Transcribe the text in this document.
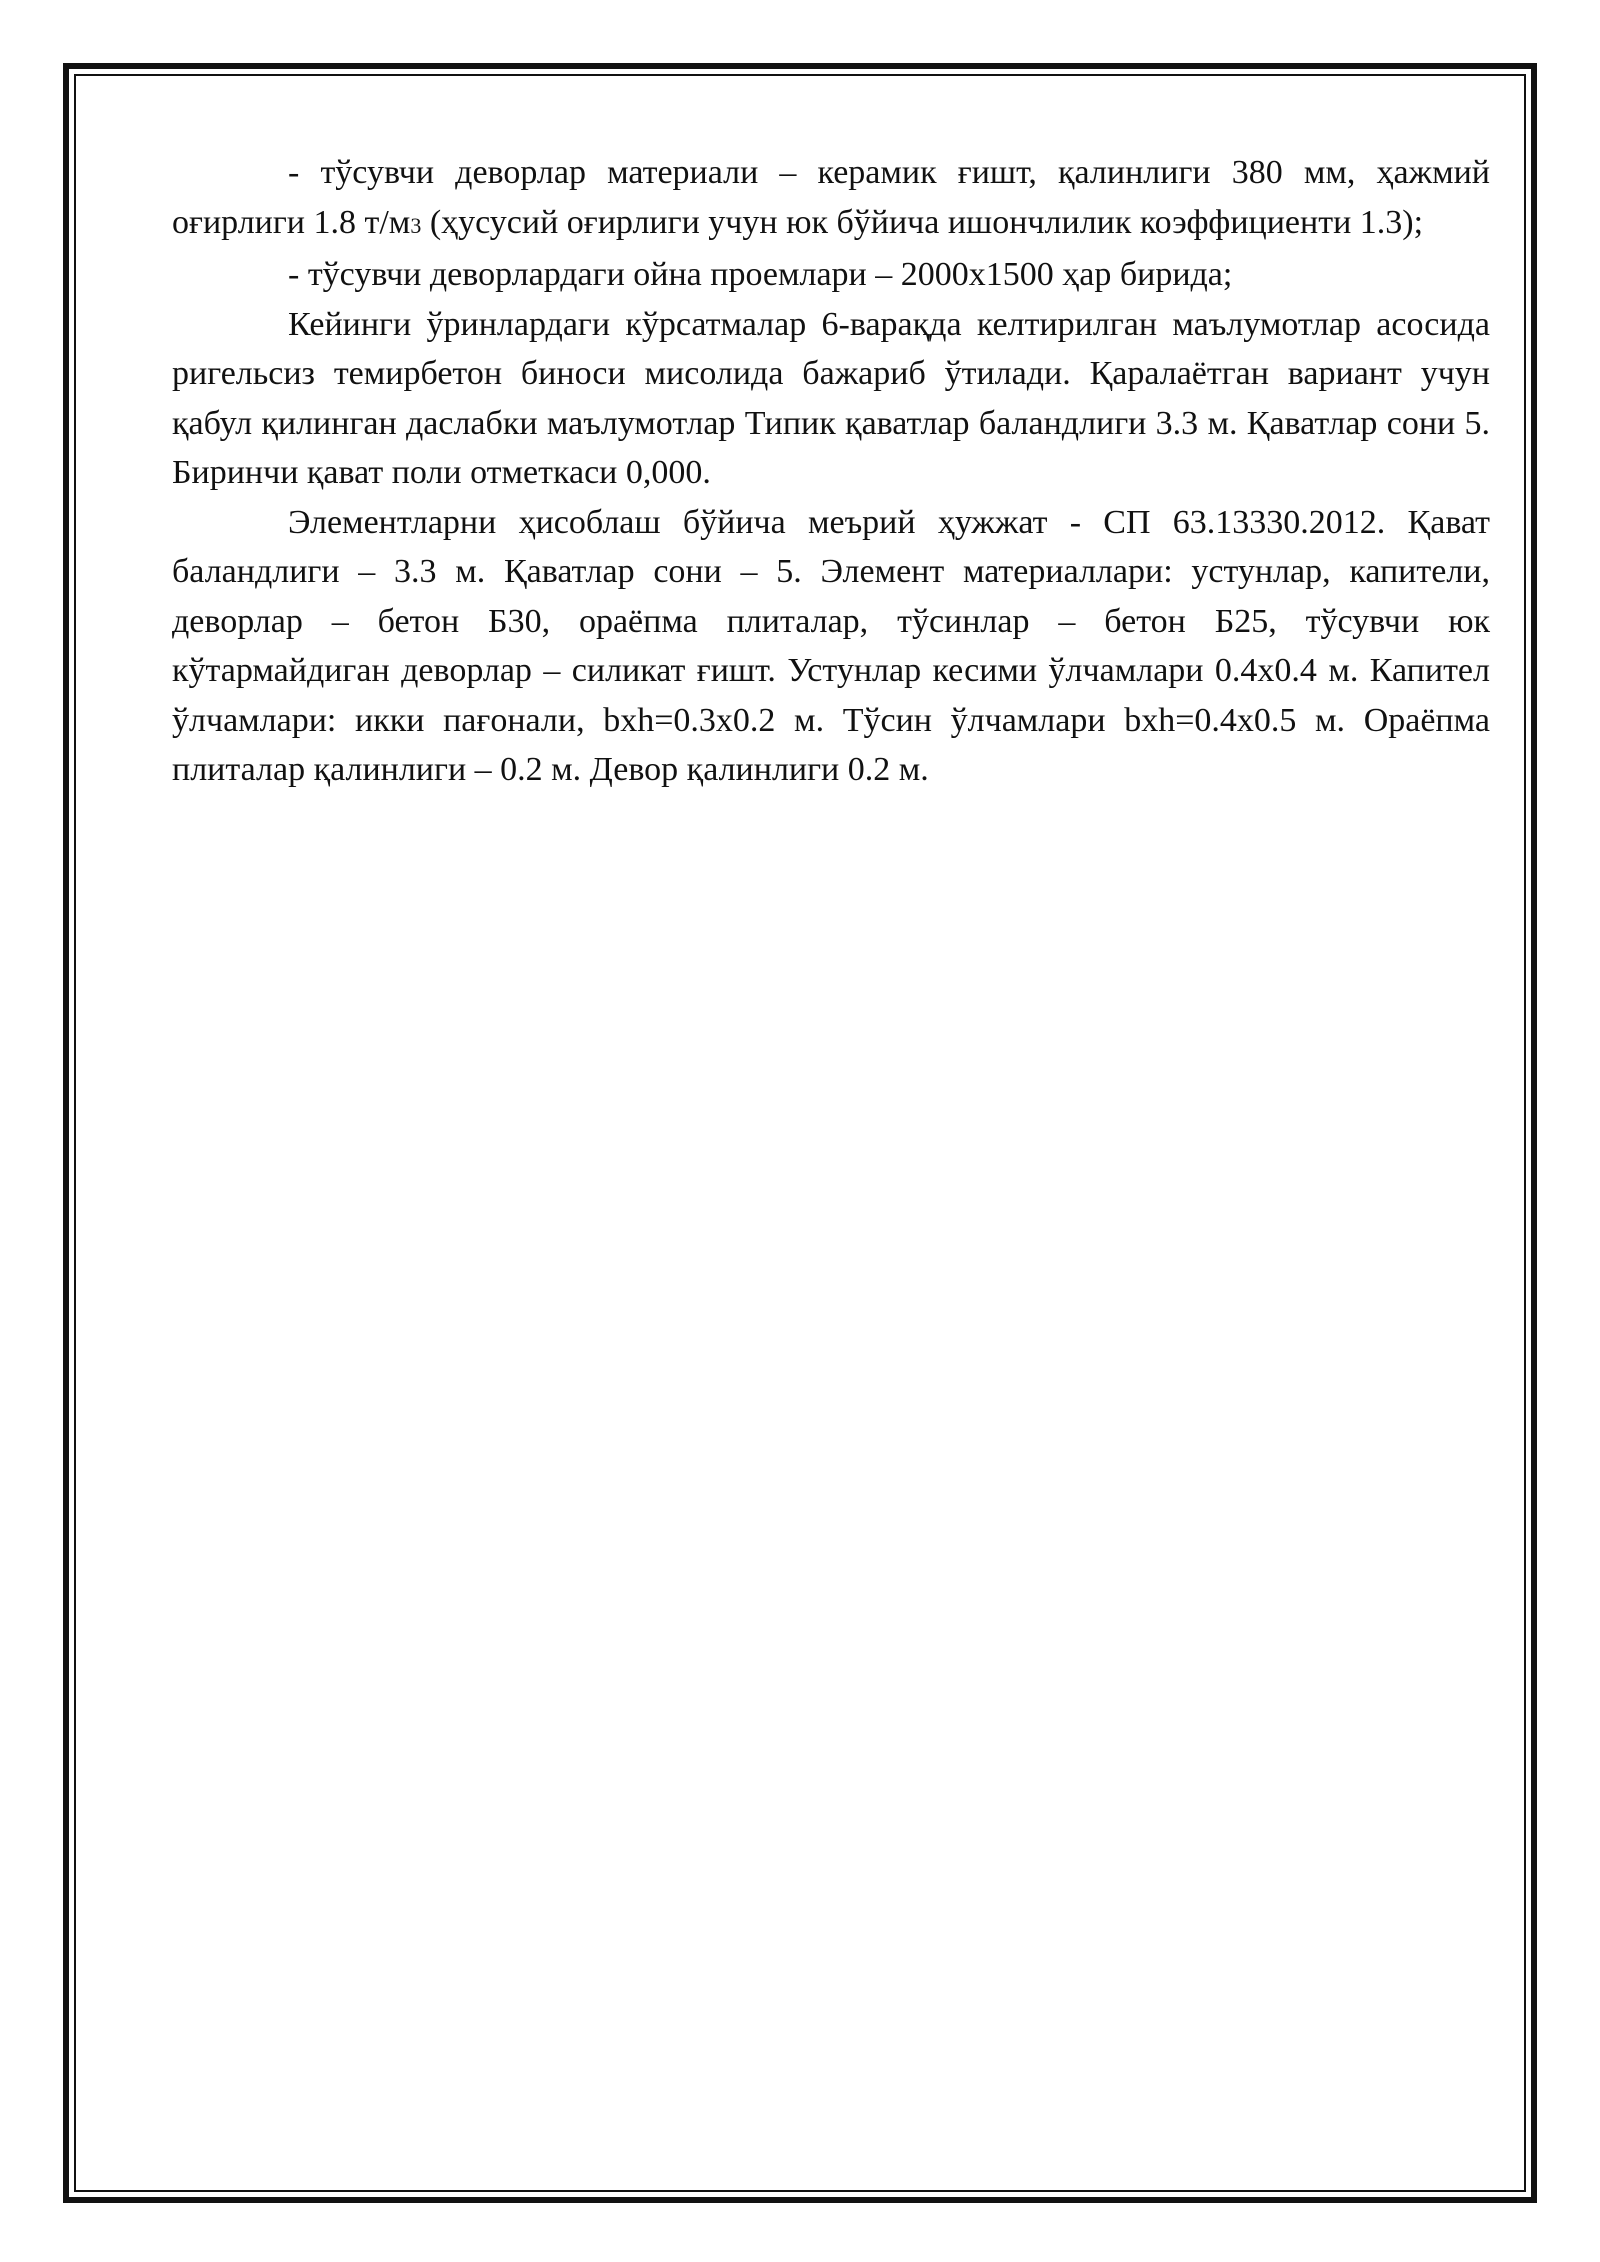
- тўсувчи деворлар материали – керамик ғишт, қалинлиги 380 мм, ҳажмий оғирлиги 1.8 т/м3 (ҳусусий оғирлиги учун юк бўйича ишончлилик коэффициенти 1.3);

- тўсувчи деворлардаги ойна проемлари – 2000х1500 ҳар бирида;

Кейинги ўринлардаги кўрсатмалар 6-варақда келтирилган маълумотлар асосида ригельсиз темирбетон биноси мисолида бажариб ўтилади. Қаралаётган вариант учун қабул қилинган даслабки маълумотлар Типик қаватлар баландлиги 3.3 м. Қаватлар сони 5. Биринчи қават поли отметкаси 0,000.

Элементларни ҳисоблаш бўйича меърий ҳужжат - СП 63.13330.2012. Қават баландлиги – 3.3 м. Қаватлар сони – 5. Элемент материаллари: устунлар, капители, деворлар – бетон Б30, ораёпма плиталар, тўсинлар – бетон Б25, тўсувчи юк кўтармайдиган деворлар – силикат ғишт. Устунлар кесими ўлчамлари 0.4х0.4 м. Капител ўлчамлари: икки пағонали, bxh=0.3х0.2 м. Тўсин ўлчамлари bxh=0.4х0.5 м. Ораёпма плиталар қалинлиги – 0.2 м. Девор қалинлиги 0.2 м.
